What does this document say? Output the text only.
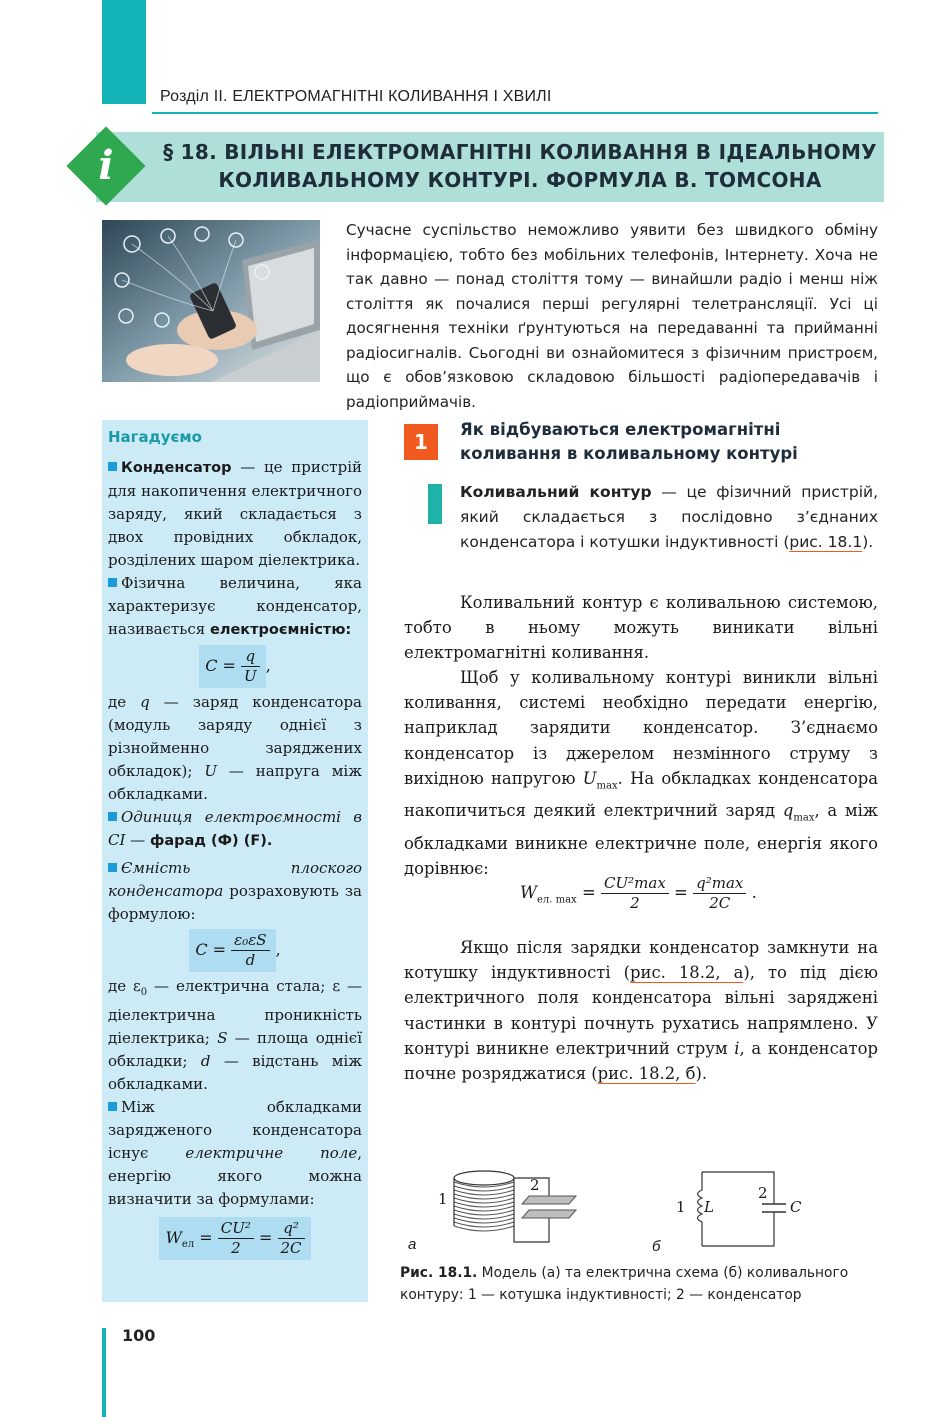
Розділ ІІ. ЕЛЕКТРОМАГНІТНІ КОЛИВАННЯ І ХВИЛІ
i	§ 18. ВІЛЬНІ ЕЛЕКТРОМАГНІТНІ КОЛИВАННЯ В ІДЕАЛЬНОМУ
КОЛИВАЛЬНОМУ КОНТУРІ. ФОРМУЛА В. ТОМСОНА
Сучасне суспільство неможливо уявити без швидкого обміну інформацією, тобто без мобільних телефонів, Інтернету. Хоча не так давно — понад століття тому — винайшли радіо і менш ніж століття як почалися перші регулярні телетрансляції. Усі ці досягнення техніки ґрунтуються на передаванні та прийманні радіосигналів. Сьогодні ви ознайомитеся з фізичним пристроєм, що є обов’язковою складовою більшості радіопередавачів і радіоприймачів.
Нагадуємо

Конденсатор — це пристрій для накопичення електричного заряду, який складається з двох провідних обкладок, розділених шаром діелектрика.

Фізична величина, яка характеризує конденсатор, називається електроємністю:

$C = \frac{q}{U}$ ,

де q — заряд конденсатора (модуль заряду однієї з різнойменно заряджених обкладок); U — напруга між обкладками.

Одиниця електроємності в СІ — фарад (Ф) (F).

Ємність плоского конденсатора розраховують за формулою:

$C = \frac{\text{ε₀εS}}{d}$ ,

де $\varepsilon_0$ — електрична стала; ε — діелектрична проникність діелектрика; S — площа однієї обкладки; d — відстань між обкладками.

Між обкладками зарядженого конденсатора існує електричне поле, енергію якого можна визначити за формулами:

$W_{ел} = \frac{\text{CU²}}{2} = \frac{\text{q²}}{2C}$
1
Як відбуваються електромагнітні коливання в коливальному контурі
Коливальний контур — це фізичний пристрій, який складається з послідовно з’єднаних конденсатора і котушки індуктивності (рис. 18.1).

Коливальний контур є коливальною системою, тобто в ньому можуть виникати вільні електромагнітні коливання.

Щоб у коливальному контурі виникли вільні коливання, системі необхідно передати енергію, наприклад зарядити конденсатор. З’єднаємо конденсатор із джерелом незмінного струму з вихідною напругою $U_{max}$. На обкладках конденсатора накопичиться деякий електричний заряд $q_{max}$, а між обкладками виникне електричне поле, енергія якого дорівнює:

$W_{ел. max} = \frac{\text{CU²max}}{2} = \frac{\text{q²max}}{2C}$ .

Якщо після зарядки конденсатор замкнути на котушку індуктивності (рис. 18.2, а), то під дією електричного поля конденсатора вільні заряджені частинки в контурі почнуть рухатись напрямлено. У контурі виникне електричний струм i, а конденсатор почне розряджатися (рис. 18.2, б).

а	б
1
2
1 L
2
C
Рис. 18.1. Модель (а) та електрична схема (б) коливального контуру: 1 — котушка індуктивності; 2 — конденсатор
100
